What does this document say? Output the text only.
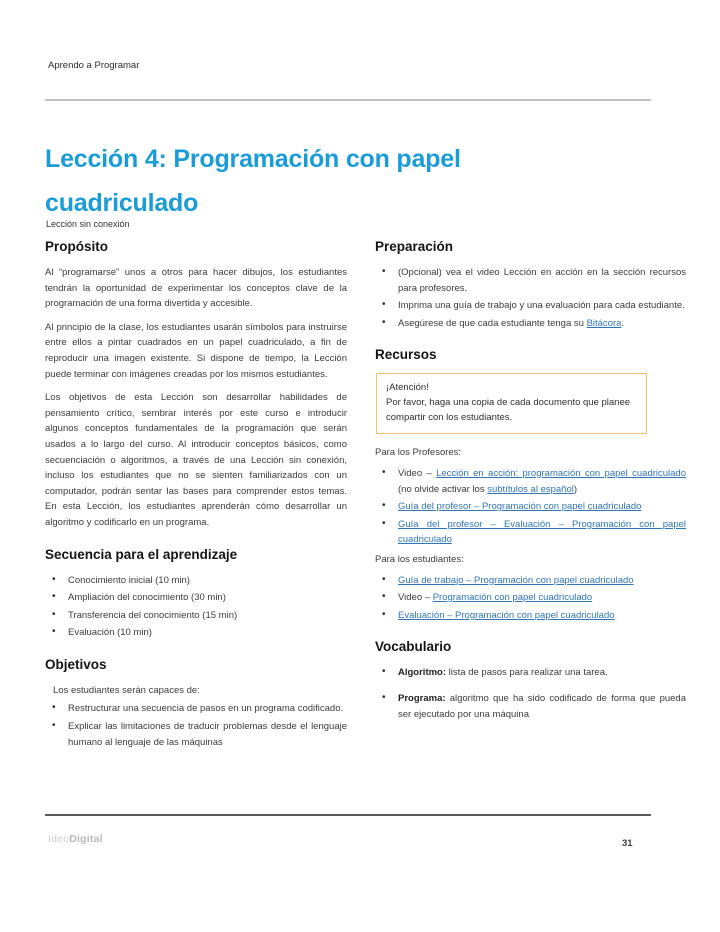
Aprendo a Programar
Lección 4: Programación con papel
cuadriculado
Lección sin conexión
Propósito

Al “programarse” unos a otros para hacer dibujos, los estudiantes tendrán la oportunidad de experimentar los conceptos clave de la programación de una forma divertida y accesible.

Al principio de la clase, los estudiantes usarán símbolos para instruirse entre ellos a pintar cuadrados en un papel cuadriculado, a fin de reproducir una imagen existente. Si dispone de tiempo, la Lección puede terminar con imágenes creadas por los mismos estudiantes.

Los objetivos de esta Lección son desarrollar habilidades de pensamiento crítico, sembrar interés por este curso e introducir algunos conceptos fundamentales de la programación que serán usados a lo largo del curso. Al introducir conceptos básicos, como secuenciación o algoritmos, a través de una Lección sin conexión, incluso los estudiantes que no se sienten familiarizados con un computador, podrán sentar las bases para comprender estos temas. En esta Lección, los estudiantes aprenderán cómo desarrollar un algoritmo y codificarlo en un programa.

Secuencia para el aprendizaje
• Conocimiento inicial (10 min)
• Ampliación del conocimiento (30 min)
• Transferencia del conocimiento (15 min)
• Evaluación (10 min)
Objetivos

Los estudiantes serán capaces de:

• Restructurar una secuencia de pasos en un programa codificado.
• Explicar las limitaciones de traducir problemas desde el lenguaje humano al lenguaje de las máquinas
Preparación
• (Opcional) vea el video Lección en acción en la sección recursos para profesores.
• Imprima una guía de trabajo y una evaluación para cada estudiante.
• Asegúrese de que cada estudiante tenga su Bitácora.
Recursos
¡Atención!
Por favor, haga una copia de cada documento que planee compartir con los estudiantes.

Para los Profesores:

• Video – Lección en acción: programación con papel cuadriculado (no olvide activar los subtítulos al español)
• Guía del profesor – Programación con papel cuadriculado
• Guía del profesor – Evaluación – Programación con papel cuadriculado

Para los estudiantes:

• Guía de trabajo – Programación con papel cuadriculado
• Video – Programación con papel cuadriculado
• Evaluación – Programación con papel cuadriculado
Vocabulario
• Algoritmo: lista de pasos para realizar una tarea.
• Programa: algoritmo que ha sido codificado de forma que pueda ser ejecutado por una máquina
IdeoDigital	31
